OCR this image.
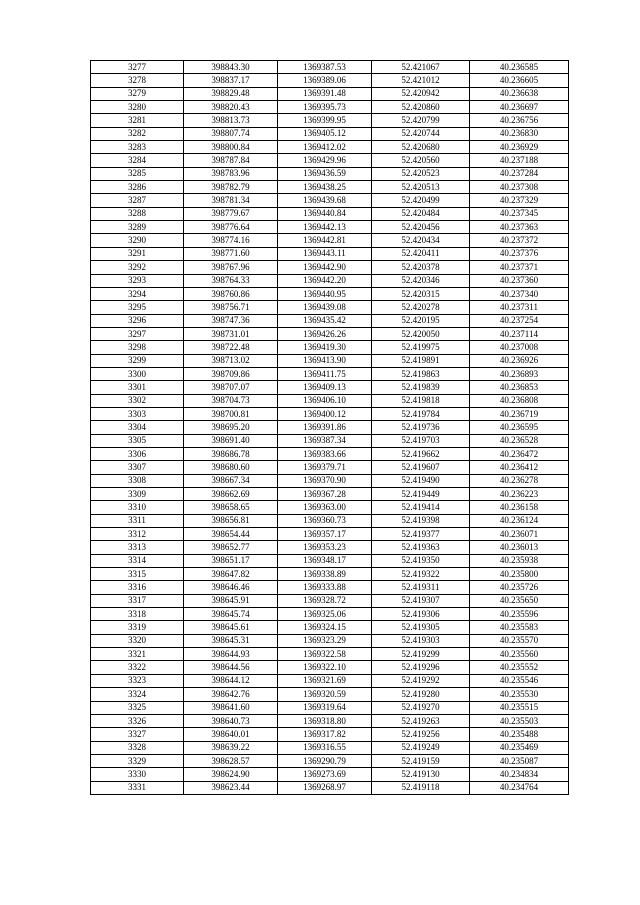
3277	398843.30	1369387.53	52.421067	40.236585
3278	398837.17	1369389.06	52.421012	40.236605
3279	398829.48	1369391.48	52.420942	40.236638
3280	398820.43	1369395.73	52.420860	40.236697
3281	398813.73	1369399.95	52.420799	40.236756
3282	398807.74	1369405.12	52.420744	40.236830
3283	398800.84	1369412.02	52.420680	40.236929
3284	398787.84	1369429.96	52.420560	40.237188
3285	398783.96	1369436.59	52.420523	40.237284
3286	398782.79	1369438.25	52.420513	40.237308
3287	398781.34	1369439.68	52.420499	40.237329
3288	398779.67	1369440.84	52.420484	40.237345
3289	398776.64	1369442.13	52.420456	40.237363
3290	398774.16	1369442.81	52.420434	40.237372
3291	398771.60	1369443.11	52.420411	40.237376
3292	398767.96	1369442.90	52.420378	40.237371
3293	398764.33	1369442.20	52.420346	40.237360
3294	398760.86	1369440.95	52.420315	40.237340
3295	398756.71	1369439.08	52.420278	40.237311
3296	398747.36	1369435.42	52.420195	40.237254
3297	398731.01	1369426.26	52.420050	40.237114
3298	398722.48	1369419.30	52.419975	40.237008
3299	398713.02	1369413.90	52.419891	40.236926
3300	398709.86	1369411.75	52.419863	40.236893
3301	398707.07	1369409.13	52.419839	40.236853
3302	398704.73	1369406.10	52.419818	40.236808
3303	398700.81	1369400.12	52.419784	40.236719
3304	398695.20	1369391.86	52.419736	40.236595
3305	398691.40	1369387.34	52.419703	40.236528
3306	398686.78	1369383.66	52.419662	40.236472
3307	398680.60	1369379.71	52.419607	40.236412
3308	398667.34	1369370.90	52.419490	40.236278
3309	398662.69	1369367.28	52.419449	40.236223
3310	398658.65	1369363.00	52.419414	40.236158
3311	398656.81	1369360.73	52.419398	40.236124
3312	398654.44	1369357.17	52.419377	40.236071
3313	398652.77	1369353.23	52.419363	40.236013
3314	398651.17	1369348.17	52.419350	40.235938
3315	398647.82	1369338.89	52.419322	40.235800
3316	398646.46	1369333.88	52.419311	40.235726
3317	398645.91	1369328.72	52.419307	40.235650
3318	398645.74	1369325.06	52.419306	40.235596
3319	398645.61	1369324.15	52.419305	40.235583
3320	398645.31	1369323.29	52.419303	40.235570
3321	398644.93	1369322.58	52.419299	40.235560
3322	398644.56	1369322.10	52.419296	40.235552
3323	398644.12	1369321.69	52.419292	40.235546
3324	398642.76	1369320.59	52.419280	40.235530
3325	398641.60	1369319.64	52.419270	40.235515
3326	398640.73	1369318.80	52.419263	40.235503
3327	398640.01	1369317.82	52.419256	40.235488
3328	398639.22	1369316.55	52.419249	40.235469
3329	398628.57	1369290.79	52.419159	40.235087
3330	398624.90	1369273.69	52.419130	40.234834
3331	398623.44	1369268.97	52.419118	40.234764
